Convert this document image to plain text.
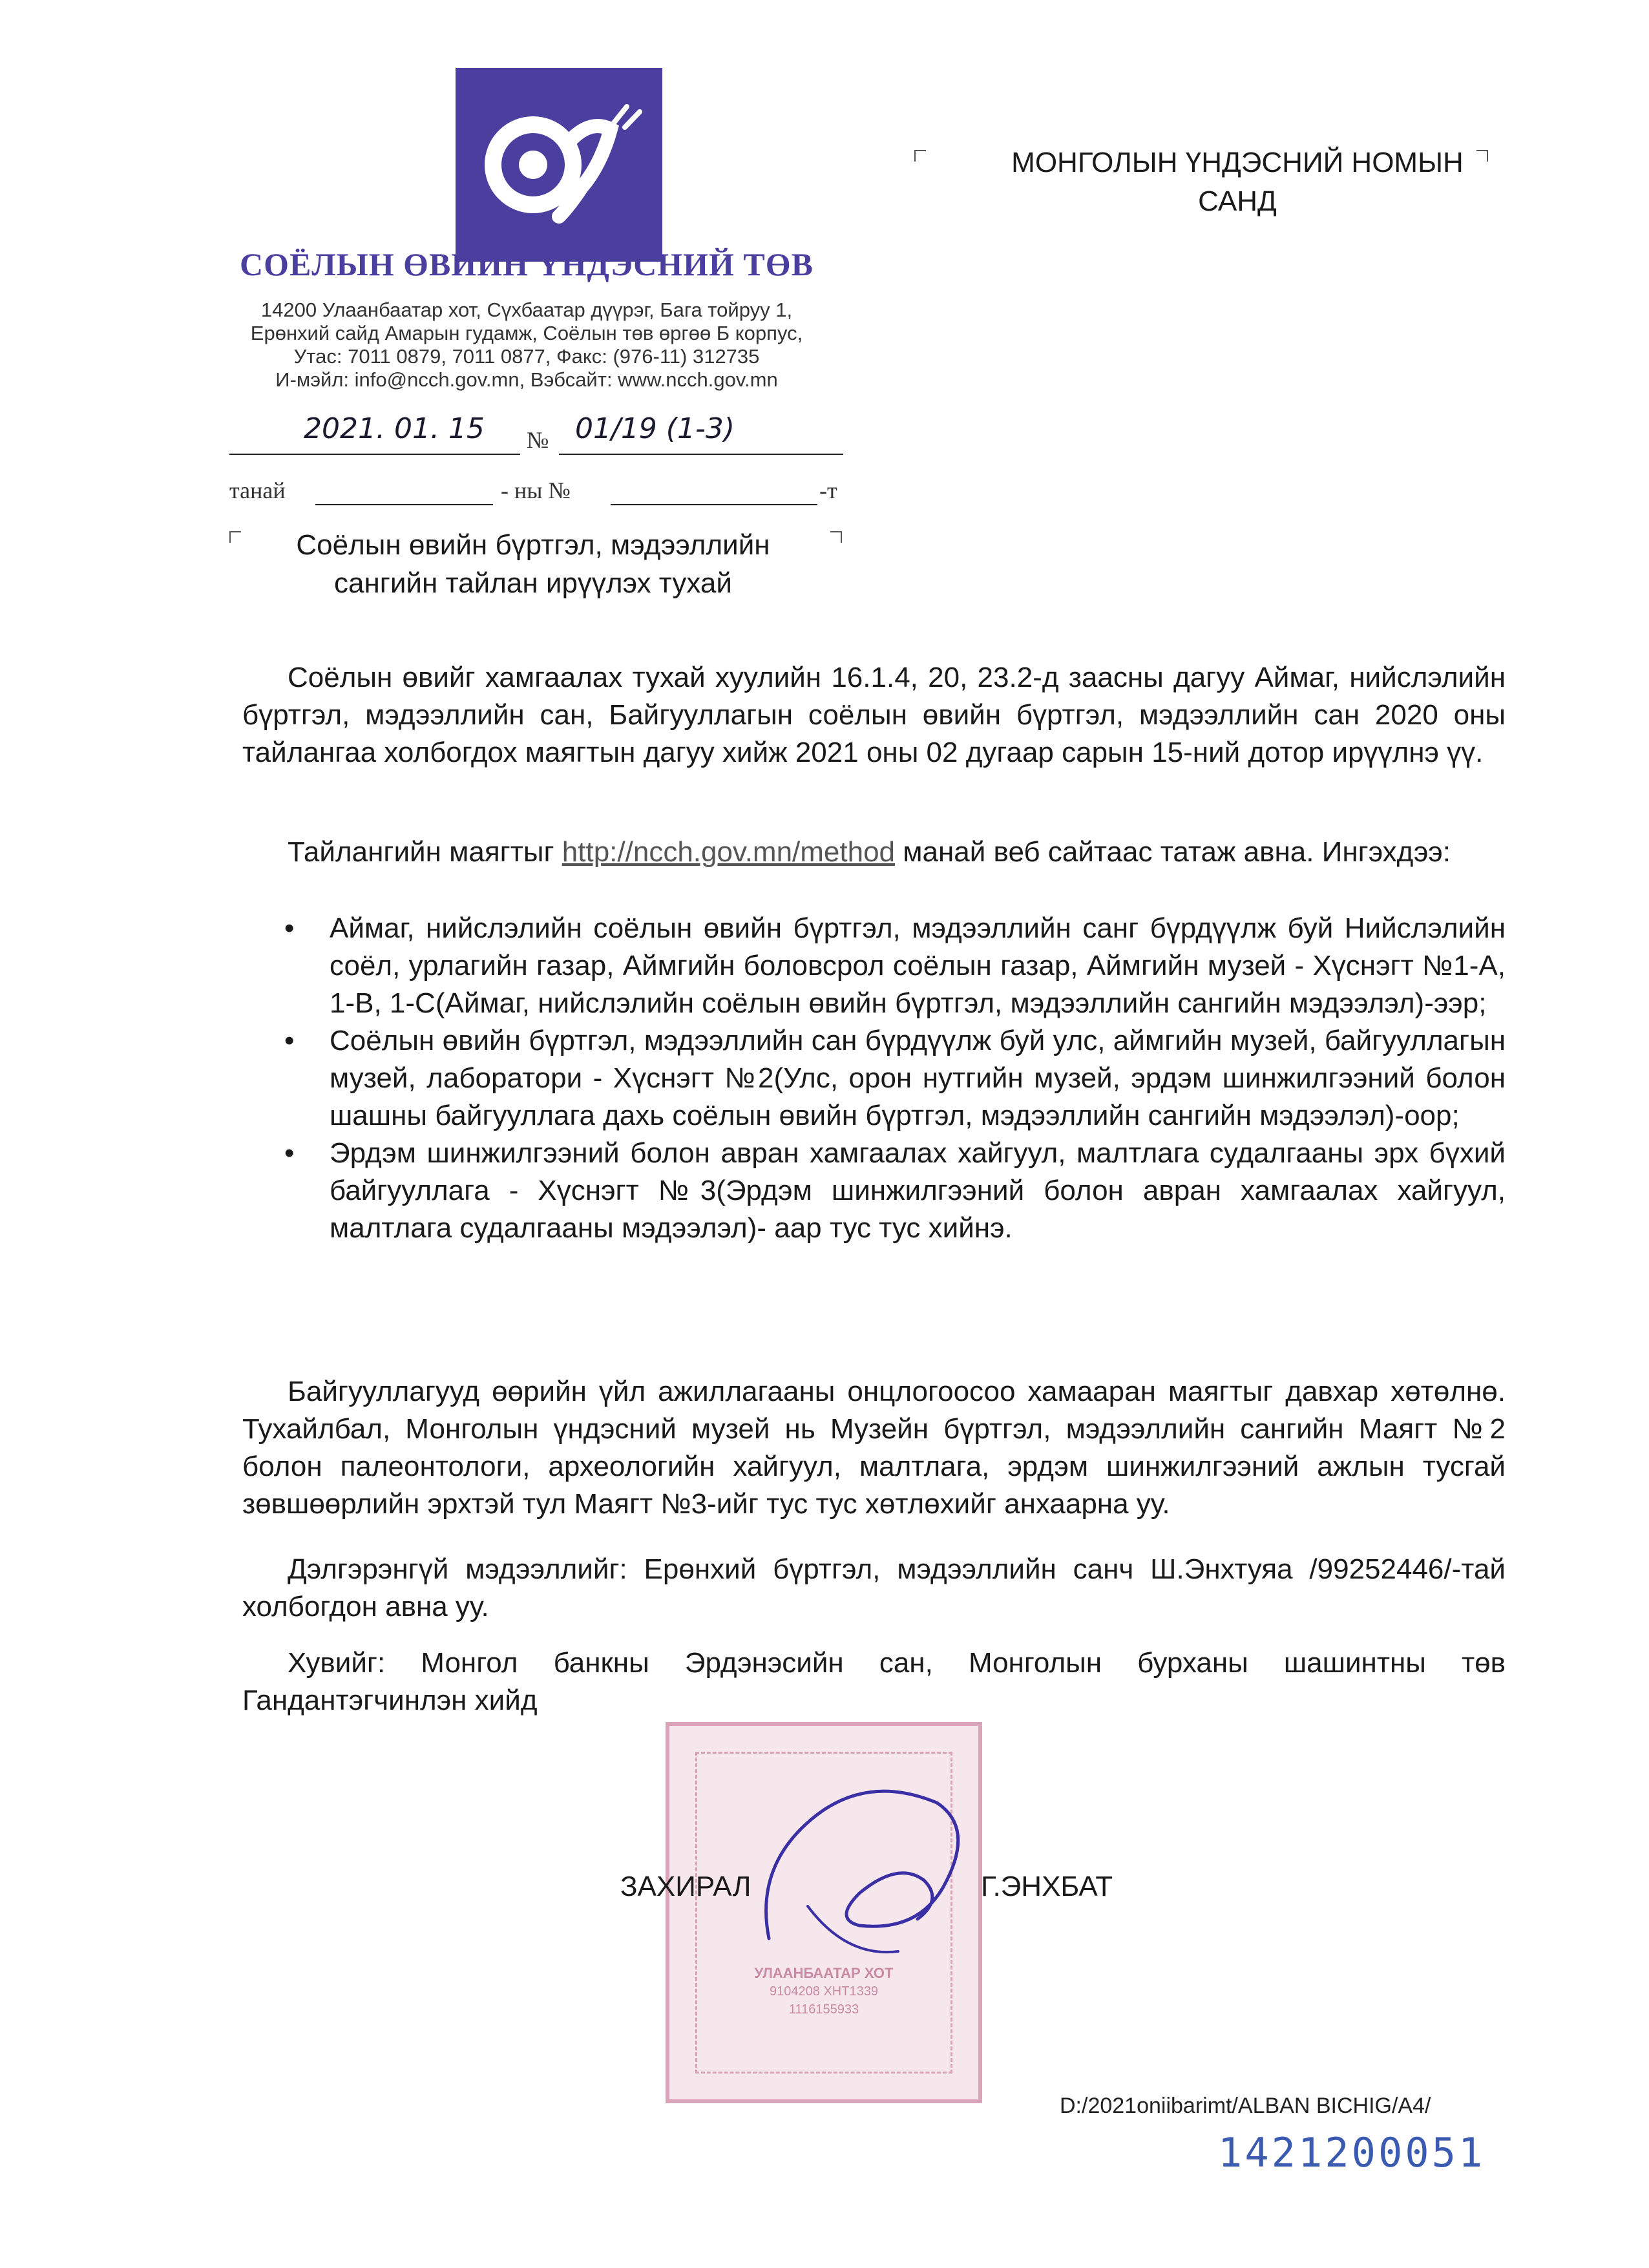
СОЁЛЫН ӨВИЙН ҮНДЭСНИЙ ТӨВ
14200 Улаанбаатар хот, Сүхбаатар дүүрэг, Бага тойруу 1,
Ерөнхий сайд Амарын гудамж, Соёлын төв өргөө Б корпус,
Утас: 7011 0879, 7011 0877, Факс: (976-11) 312735
И-мэйл: info@ncch.gov.mn, Вэбсайт: www.ncch.gov.mn
2021. 01. 15 № 01/19 (1-3)
танай	- ны №	-т
МОНГОЛЫН ҮНДЭСНИЙ НОМЫН
САНД
Соёлын өвийн бүртгэл, мэдээллийн
сангийн тайлан ирүүлэх тухай
Соёлын өвийг хамгаалах тухай хуулийн 16.1.4, 20, 23.2-д заасны дагуу Аймаг, нийслэлийн бүртгэл, мэдээллийн сан, Байгууллагын соёлын өвийн бүртгэл, мэдээллийн сан 2020 оны тайлангаа холбогдох маягтын дагуу хийж 2021 оны 02 дугаар сарын 15-ний дотор ирүүлнэ үү.
Тайлангийн маягтыг http://ncch.gov.mn/method манай веб сайтаас татаж авна. Ингэхдээ:
• Аймаг, нийслэлийн соёлын өвийн бүртгэл, мэдээллийн санг бүрдүүлж буй Нийслэлийн соёл, урлагийн газар, Аймгийн боловсрол соёлын газар, Аймгийн музей - Хүснэгт №1-А, 1-В, 1-С(Аймаг, нийслэлийн соёлын өвийн бүртгэл, мэдээллийн сангийн мэдээлэл)-ээр;
• Соёлын өвийн бүртгэл, мэдээллийн сан бүрдүүлж буй улс, аймгийн музей, байгууллагын музей, лаборатори - Хүснэгт №2(Улс, орон нутгийн музей, эрдэм шинжилгээний болон шашны байгууллага дахь соёлын өвийн бүртгэл, мэдээллийн сангийн мэдээлэл)-оор;
• Эрдэм шинжилгээний болон авран хамгаалах хайгуул, малтлага судалгааны эрх бүхий байгууллага - Хүснэгт №3(Эрдэм шинжилгээний болон авран хамгаалах хайгуул, малтлага судалгааны мэдээлэл)- аар тус тус хийнэ.
Байгууллагууд өөрийн үйл ажиллагааны онцлогоосоо хамааран маягтыг давхар хөтөлнө. Тухайлбал, Монголын үндэсний музей нь Музейн бүртгэл, мэдээллийн сангийн Маягт №2 болон палеонтологи, археологийн хайгуул, малтлага, эрдэм шинжилгээний ажлын тусгай зөвшөөрлийн эрхтэй тул Маягт №3-ийг тус тус хөтлөхийг анхаарна уу.
Дэлгэрэнгүй мэдээллийг: Ерөнхий бүртгэл, мэдээллийн санч Ш.Энхтуяа /99252446/-тай холбогдон авна уу.
Хувийг: Монгол банкны Эрдэнэсийн сан, Монголын бурханы шашинтны төв Гандантэгчинлэн хийд
УЛААНБААТАР ХОТ
9104208 ХНТ1339
1116155933
ЗАХИРАЛ	Г.ЭНХБАТ
D:/2021oniibarimt/ALBAN BICHIG/A4/
1421200051
